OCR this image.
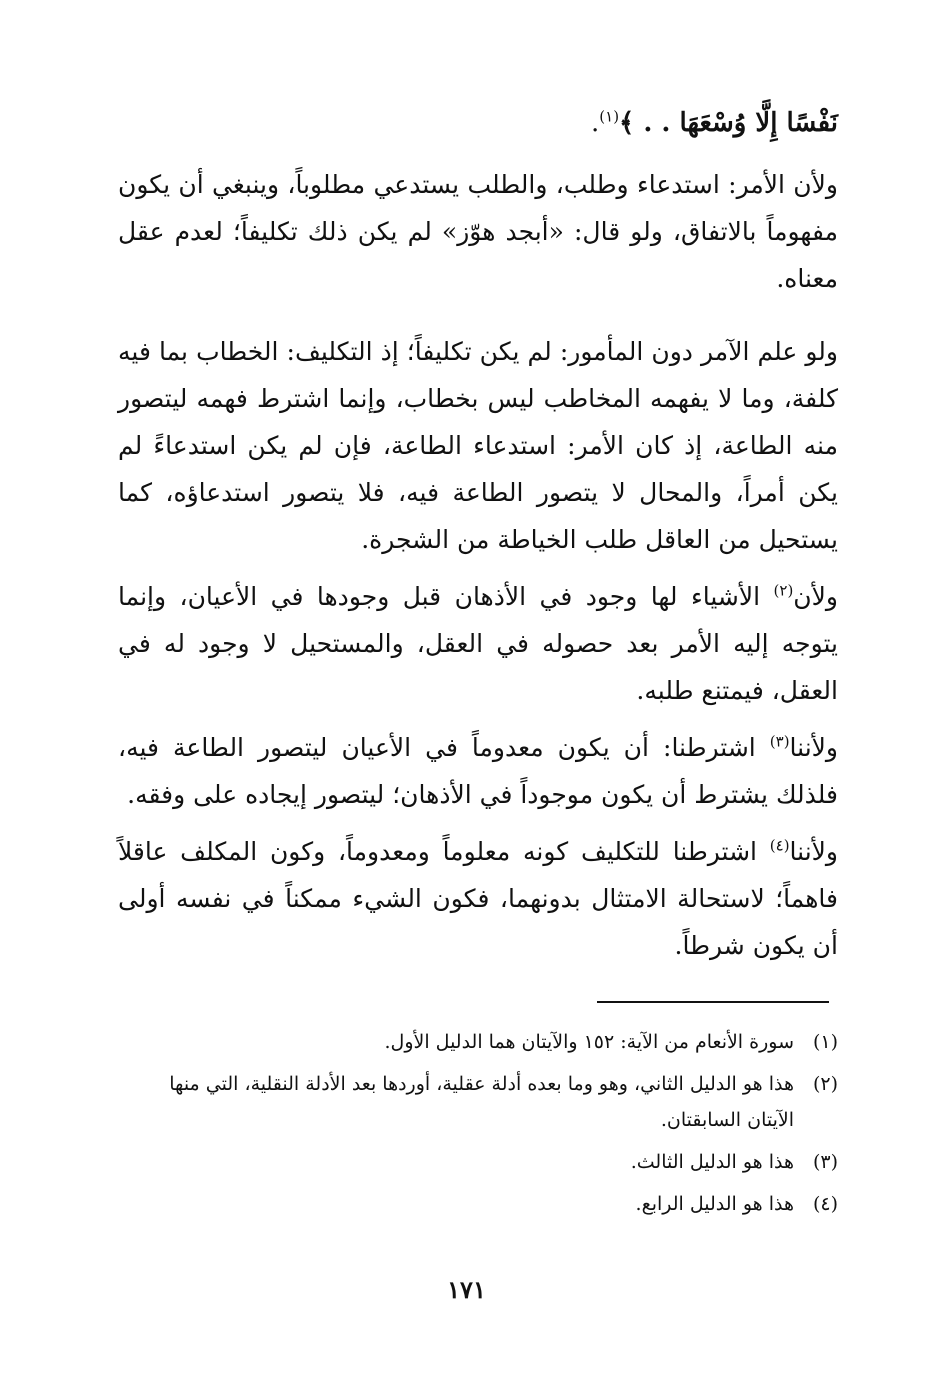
نَفْسًا إِلَّا وُسْعَهَا . . ﴾$^{(١)}$.

ولأن الأمر: استدعاء وطلب، والطلب يستدعي مطلوباً، وينبغي أن يكون مفهوماً بالاتفاق، ولو قال: «أبجد هوّز» لم يكن ذلك تكليفاً؛ لعدم عقل معناه.

ولو علم الآمر دون المأمور: لم يكن تكليفاً؛ إذ التكليف: الخطاب بما فيه كلفة، وما لا يفهمه المخاطب ليس بخطاب، وإنما اشترط فهمه ليتصور منه الطاعة، إذ كان الأمر: استدعاء الطاعة، فإن لم يكن استدعاءً لم يكن أمراً، والمحال لا يتصور الطاعة فيه، فلا يتصور استدعاؤه، كما يستحيل من العاقل طلب الخياطة من الشجرة.

ولأن$^{(٢)}$ الأشياء لها وجود في الأذهان قبل وجودها في الأعيان، وإنما يتوجه إليه الأمر بعد حصوله في العقل، والمستحيل لا وجود له في العقل، فيمتنع طلبه.

ولأننا$^{(٣)}$ اشترطنا: أن يكون معدوماً في الأعيان ليتصور الطاعة فيه، فلذلك يشترط أن يكون موجوداً في الأذهان؛ ليتصور إيجاده على وفقه.

ولأننا$^{(٤)}$ اشترطنا للتكليف كونه معلوماً ومعدوماً، وكون المكلف عاقلاً فاهماً؛ لاستحالة الامتثال بدونهما، فكون الشيء ممكناً في نفسه أولى أن يكون شرطاً.

(١)
سورة الأنعام من الآية: ١٥٢ والآيتان هما الدليل الأول.
(٢)
هذا هو الدليل الثاني، وهو وما بعده أدلة عقلية، أوردها بعد الأدلة النقلية، التي منها الآيتان السابقتان.
(٣)
هذا هو الدليل الثالث.
(٤)
هذا هو الدليل الرابع.
١٧١
